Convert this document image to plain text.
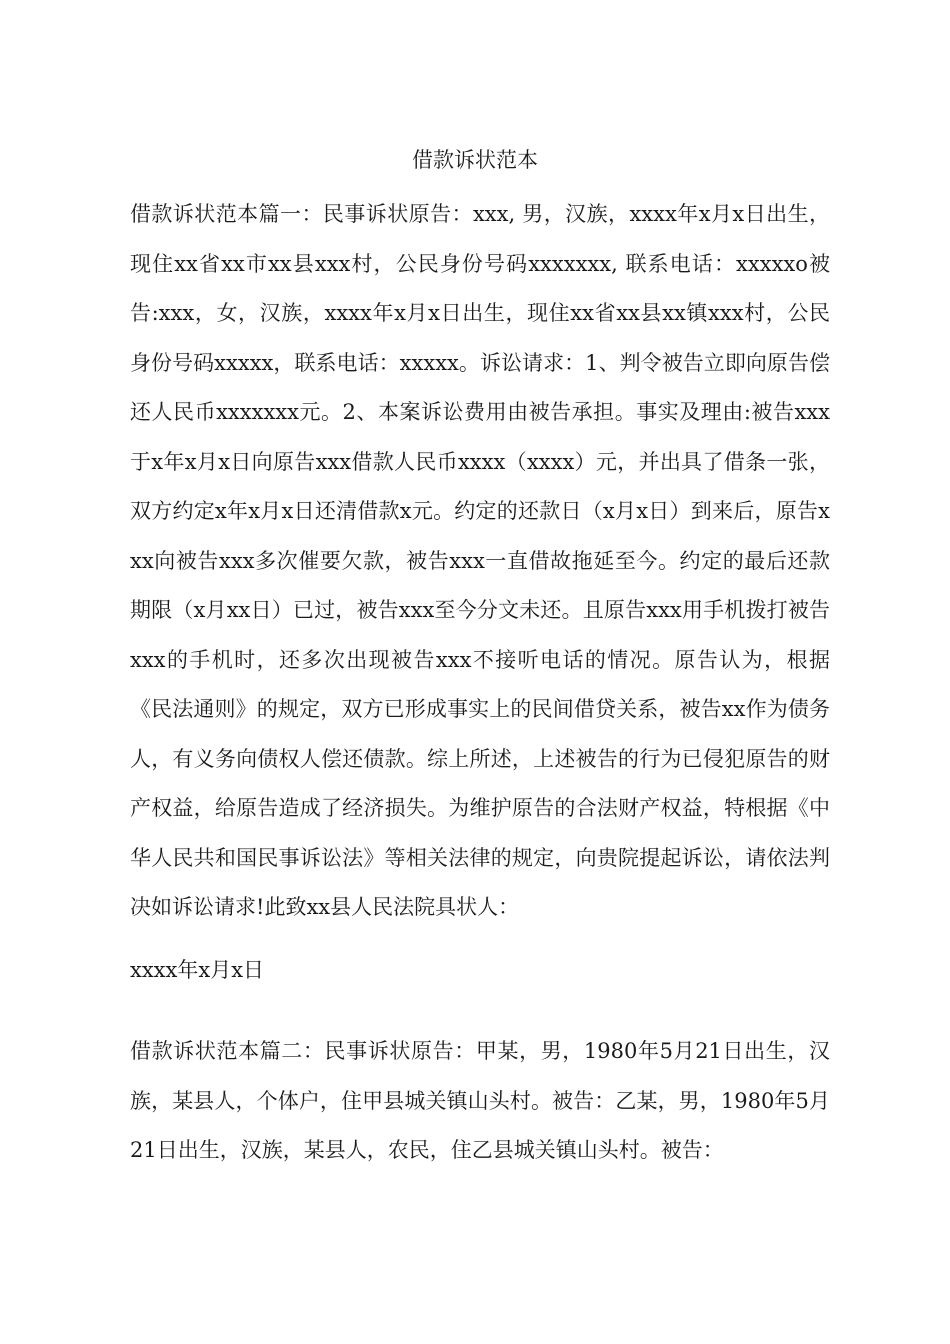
借款诉状范本

借款诉状范本篇一：民事诉状原告：xxx, 男，汉族，xxxx年x月x日出生，现住xx省xx市xx县xxx村，公民身份号码xxxxxxx, 联系电话：xxxxxo被告:xxx，女，汉族，xxxx年x月x日出生，现住xx省xx县xx镇xxx村，公民身份号码xxxxx，联系电话：xxxxx。诉讼请求：1、判令被告立即向原告偿还人民币xxxxxxx元。2、本案诉讼费用由被告承担。事实及理由:被告xxx于x年x月x日向原告xxx借款人民币xxxx（xxxx）元，并出具了借条一张，双方约定x年x月x日还清借款x元。约定的还款日（x月x日）到来后，原告xxx向被告xxx多次催要欠款，被告xxx一直借故拖延至今。约定的最后还款期限（x月xx日）已过，被告xxx至今分文未还。且原告xxx用手机拨打被告xxx的手机时，还多次出现被告xxx不接听电话的情况。原告认为，根据《民法通则》的规定，双方已形成事实上的民间借贷关系，被告xx作为债务人，有义务向债权人偿还债款。综上所述，上述被告的行为已侵犯原告的财产权益，给原告造成了经济损失。为维护原告的合法财产权益，特根据《中华人民共和国民事诉讼法》等相关法律的规定，向贵院提起诉讼，请依法判决如诉讼请求!此致xx县人民法院具状人：

xxxx年x月x日

借款诉状范本篇二：民事诉状原告：甲某，男，1980年5月21日出生，汉族，某县人，个体户，住甲县城关镇山头村。被告：乙某，男，1980年5月21日出生，汉族，某县人，农民，住乙县城关镇山头村。被告：
